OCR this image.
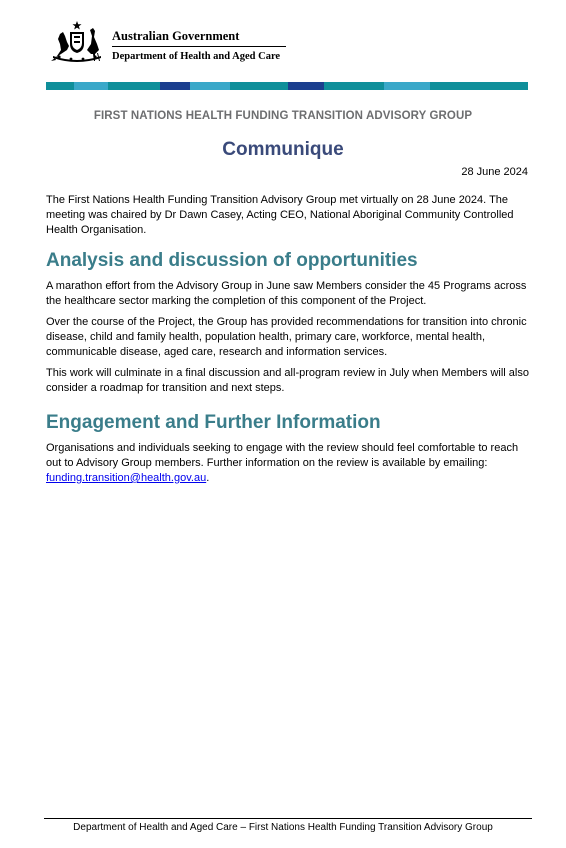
Australian Government
Department of Health and Aged Care
FIRST NATIONS HEALTH FUNDING TRANSITION ADVISORY GROUP
Communique
28 June 2024

The First Nations Health Funding Transition Advisory Group met virtually on 28 June 2024. The meeting was chaired by Dr Dawn Casey, Acting CEO, National Aboriginal Community Controlled Health Organisation.

Analysis and discussion of opportunities

A marathon effort from the Advisory Group in June saw Members consider the 45 Programs across the healthcare sector marking the completion of this component of the Project.

Over the course of the Project, the Group has provided recommendations for transition into chronic disease, child and family health, population health, primary care, workforce, mental health, communicable disease, aged care, research and information services.

This work will culminate in a final discussion and all-program review in July when Members will also consider a roadmap for transition and next steps.

Engagement and Further Information

Organisations and individuals seeking to engage with the review should feel comfortable to reach out to Advisory Group members. Further information on the review is available by emailing: funding.transition@health.gov.au.

Department of Health and Aged Care – First Nations Health Funding Transition Advisory Group
